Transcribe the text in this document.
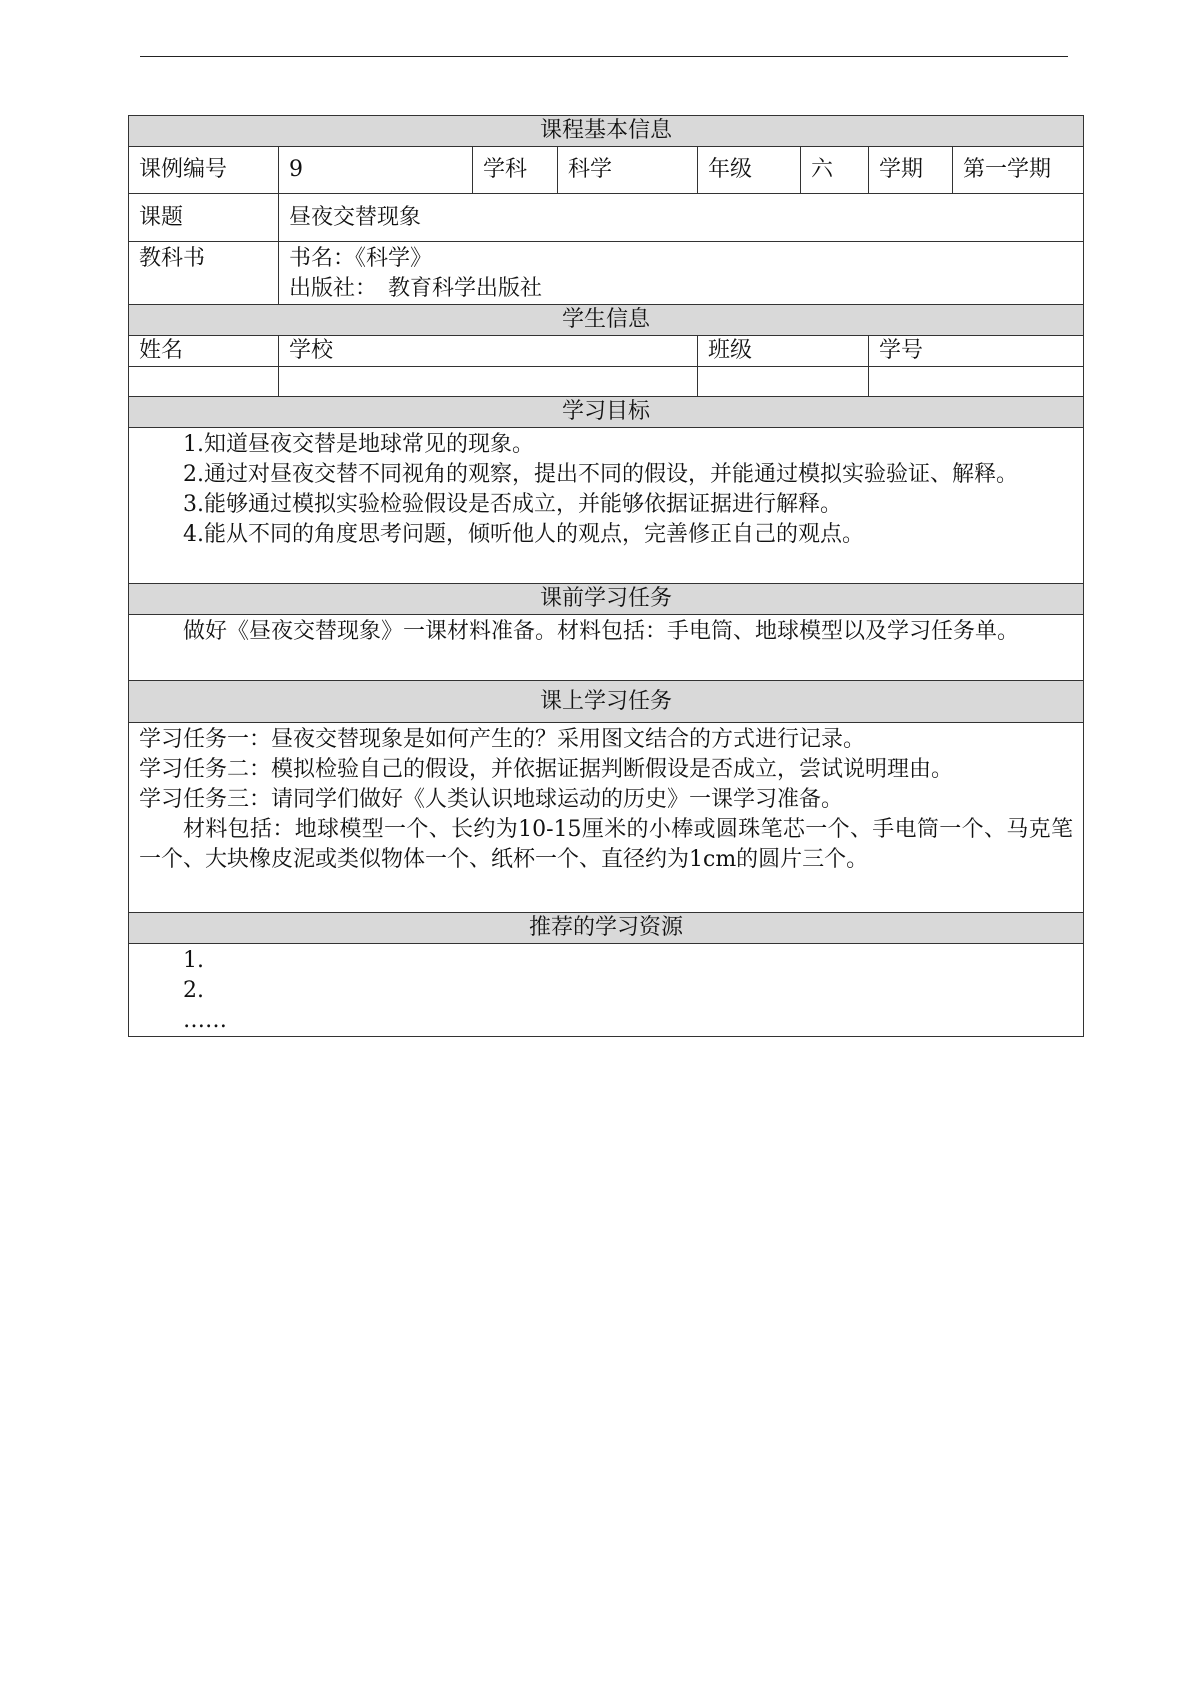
课程基本信息							
课例编号	9	学科	科学	年级	六	学期	第一学期
课题	昼夜交替现象						
教科书	书名：《科学》
出版社：　教育科学出版社						

学生信息							
姓名	学校			班级		学号	

学习目标							

1.知道昼夜交替是地球常见的现象。
2.通过对昼夜交替不同视角的观察，提出不同的假设，并能通过模拟实验验证、解释。
3.能够通过模拟实验检验假设是否成立，并能够依据证据进行解释。
4.能从不同的角度思考问题，倾听他人的观点，完善修正自己的观点。							

课前学习任务							

做好《昼夜交替现象》一课材料准备。材料包括：手电筒、地球模型以及学习任务单。							

课上学习任务							

学习任务一：昼夜交替现象是如何产生的？采用图文结合的方式进行记录。
学习任务二：模拟检验自己的假设，并依据证据判断假设是否成立，尝试说明理由。
学习任务三：请同学们做好《人类认识地球运动的历史》一课学习准备。
材料包括：地球模型一个、长约为10-15厘米的小棒或圆珠笔芯一个、手电筒一个、马克笔一个、大块橡皮泥或类似物体一个、纸杯一个、直径约为1cm的圆片三个。							

推荐的学习资源							

1.
2.
……							
